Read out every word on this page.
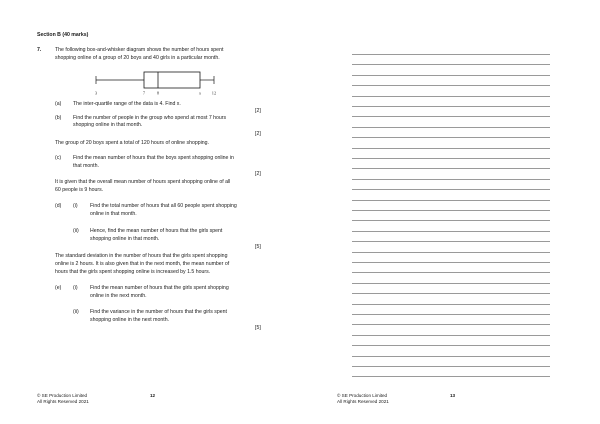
Section B (40 marks)
7.	The following box-and-whisker diagram shows the number of hours spent
shopping online of a group of 20 boys and 40 girls in a particular month.
3	7	8	x 12
(a) The inter-quartile range of the data is 4. Find x.
[2]
(b) Find the number of people in the group who spend at most 7 hours
shopping online in that month.
[2]
The group of 20 boys spent a total of 120 hours of online shopping.
(c) Find the mean number of hours that the boys spent shopping online in
that month.
[2]
It is given that the overall mean number of hours spent shopping online of all
60 people is 9 hours.
(d) (i) Find the total number of hours that all 60 people spent shopping
online in that month.
(ii) Hence, find the mean number of hours that the girls spent
shopping online in that month.
[5]
The standard deviation in the number of hours that the girls spent shopping
online is 2 hours. It is also given that in the next month, the mean number of
hours that the girls spent shopping online is increased by 1.5 hours.
(e) (i) Find the mean number of hours that the girls spent shopping
online in the next month.
(ii) Find the variance in the number of hours that the girls spent
shopping online in the next month.
[5]
© SE Production Limited
All Rights Reserved 2021
12	© SE Production Limited
All Rights Reserved 2021
13
